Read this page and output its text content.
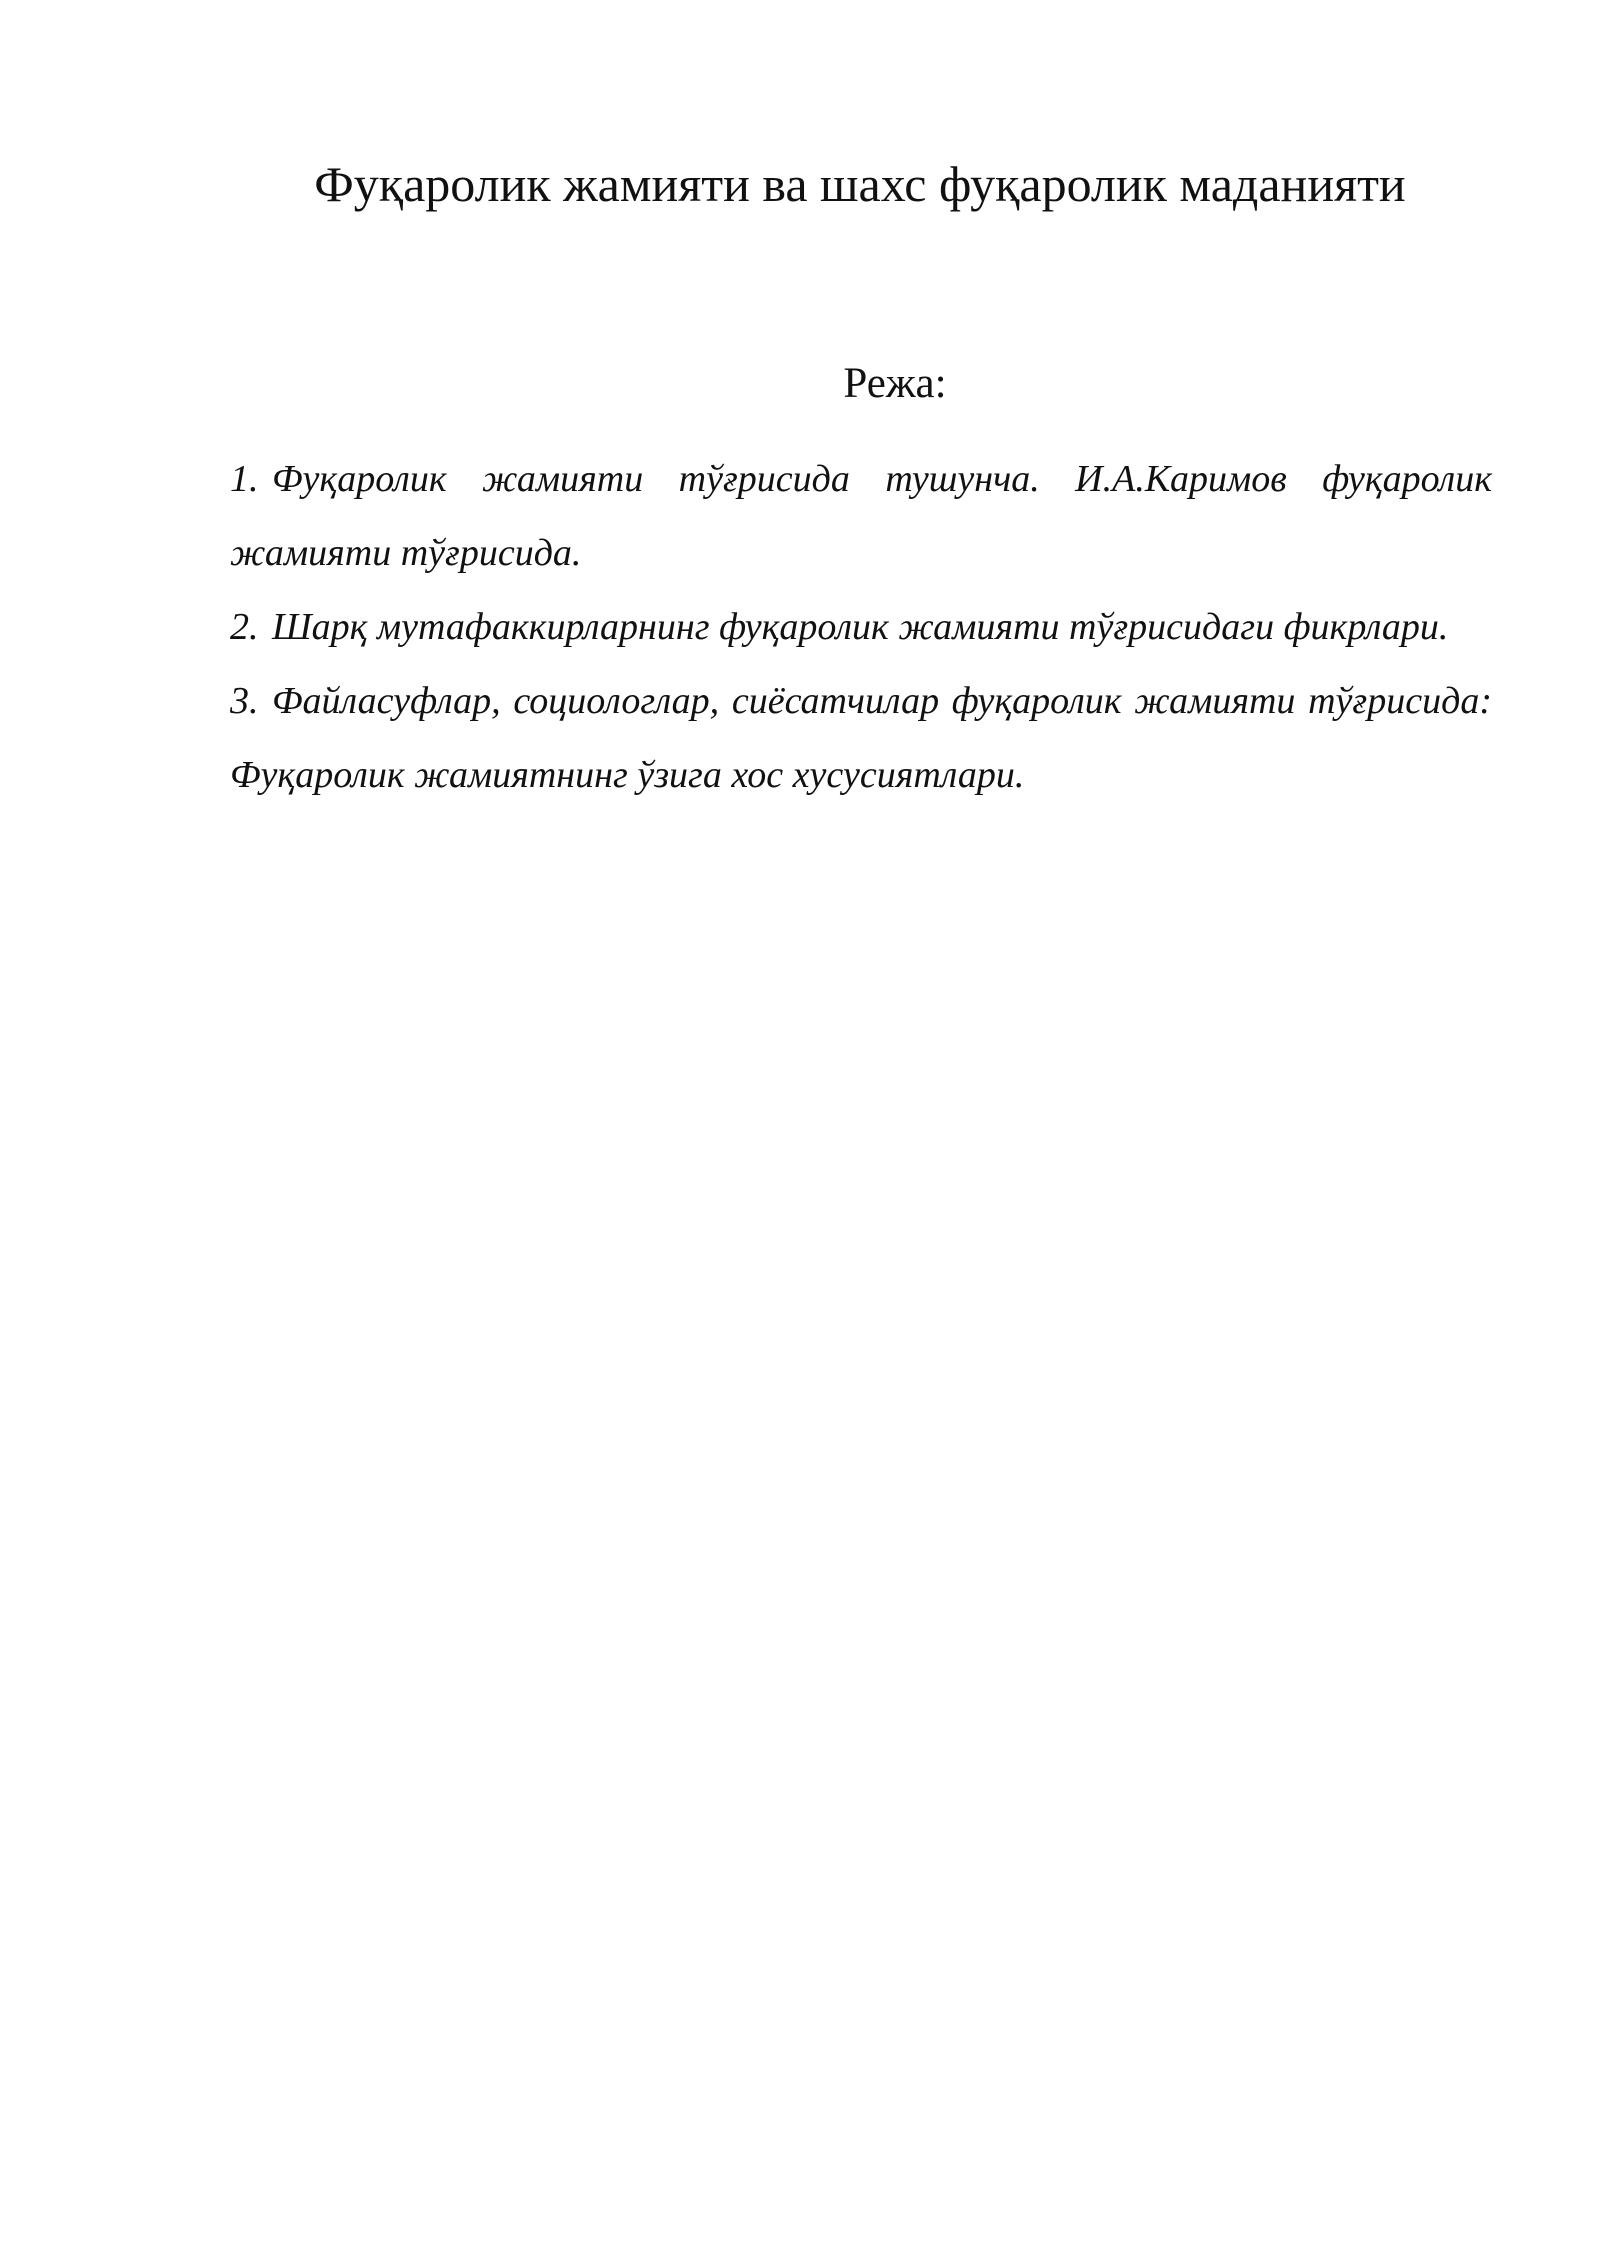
Фуқаролик жамияти ва шахс фуқаролик маданияти
Режа:
1. Фуқаролик жамияти тўғрисида тушунча. И.А.Каримов фуқаролик жамияти тўғрисида.
2. Шарқ мутафаккирларнинг фуқаролик жамияти тўғрисидаги фикрлари.
3. Файласуфлар, социологлар, сиёсатчилар фуқаролик жамияти тўғрисида: Фуқаролик жамиятнинг ўзига хос хусусиятлари.
